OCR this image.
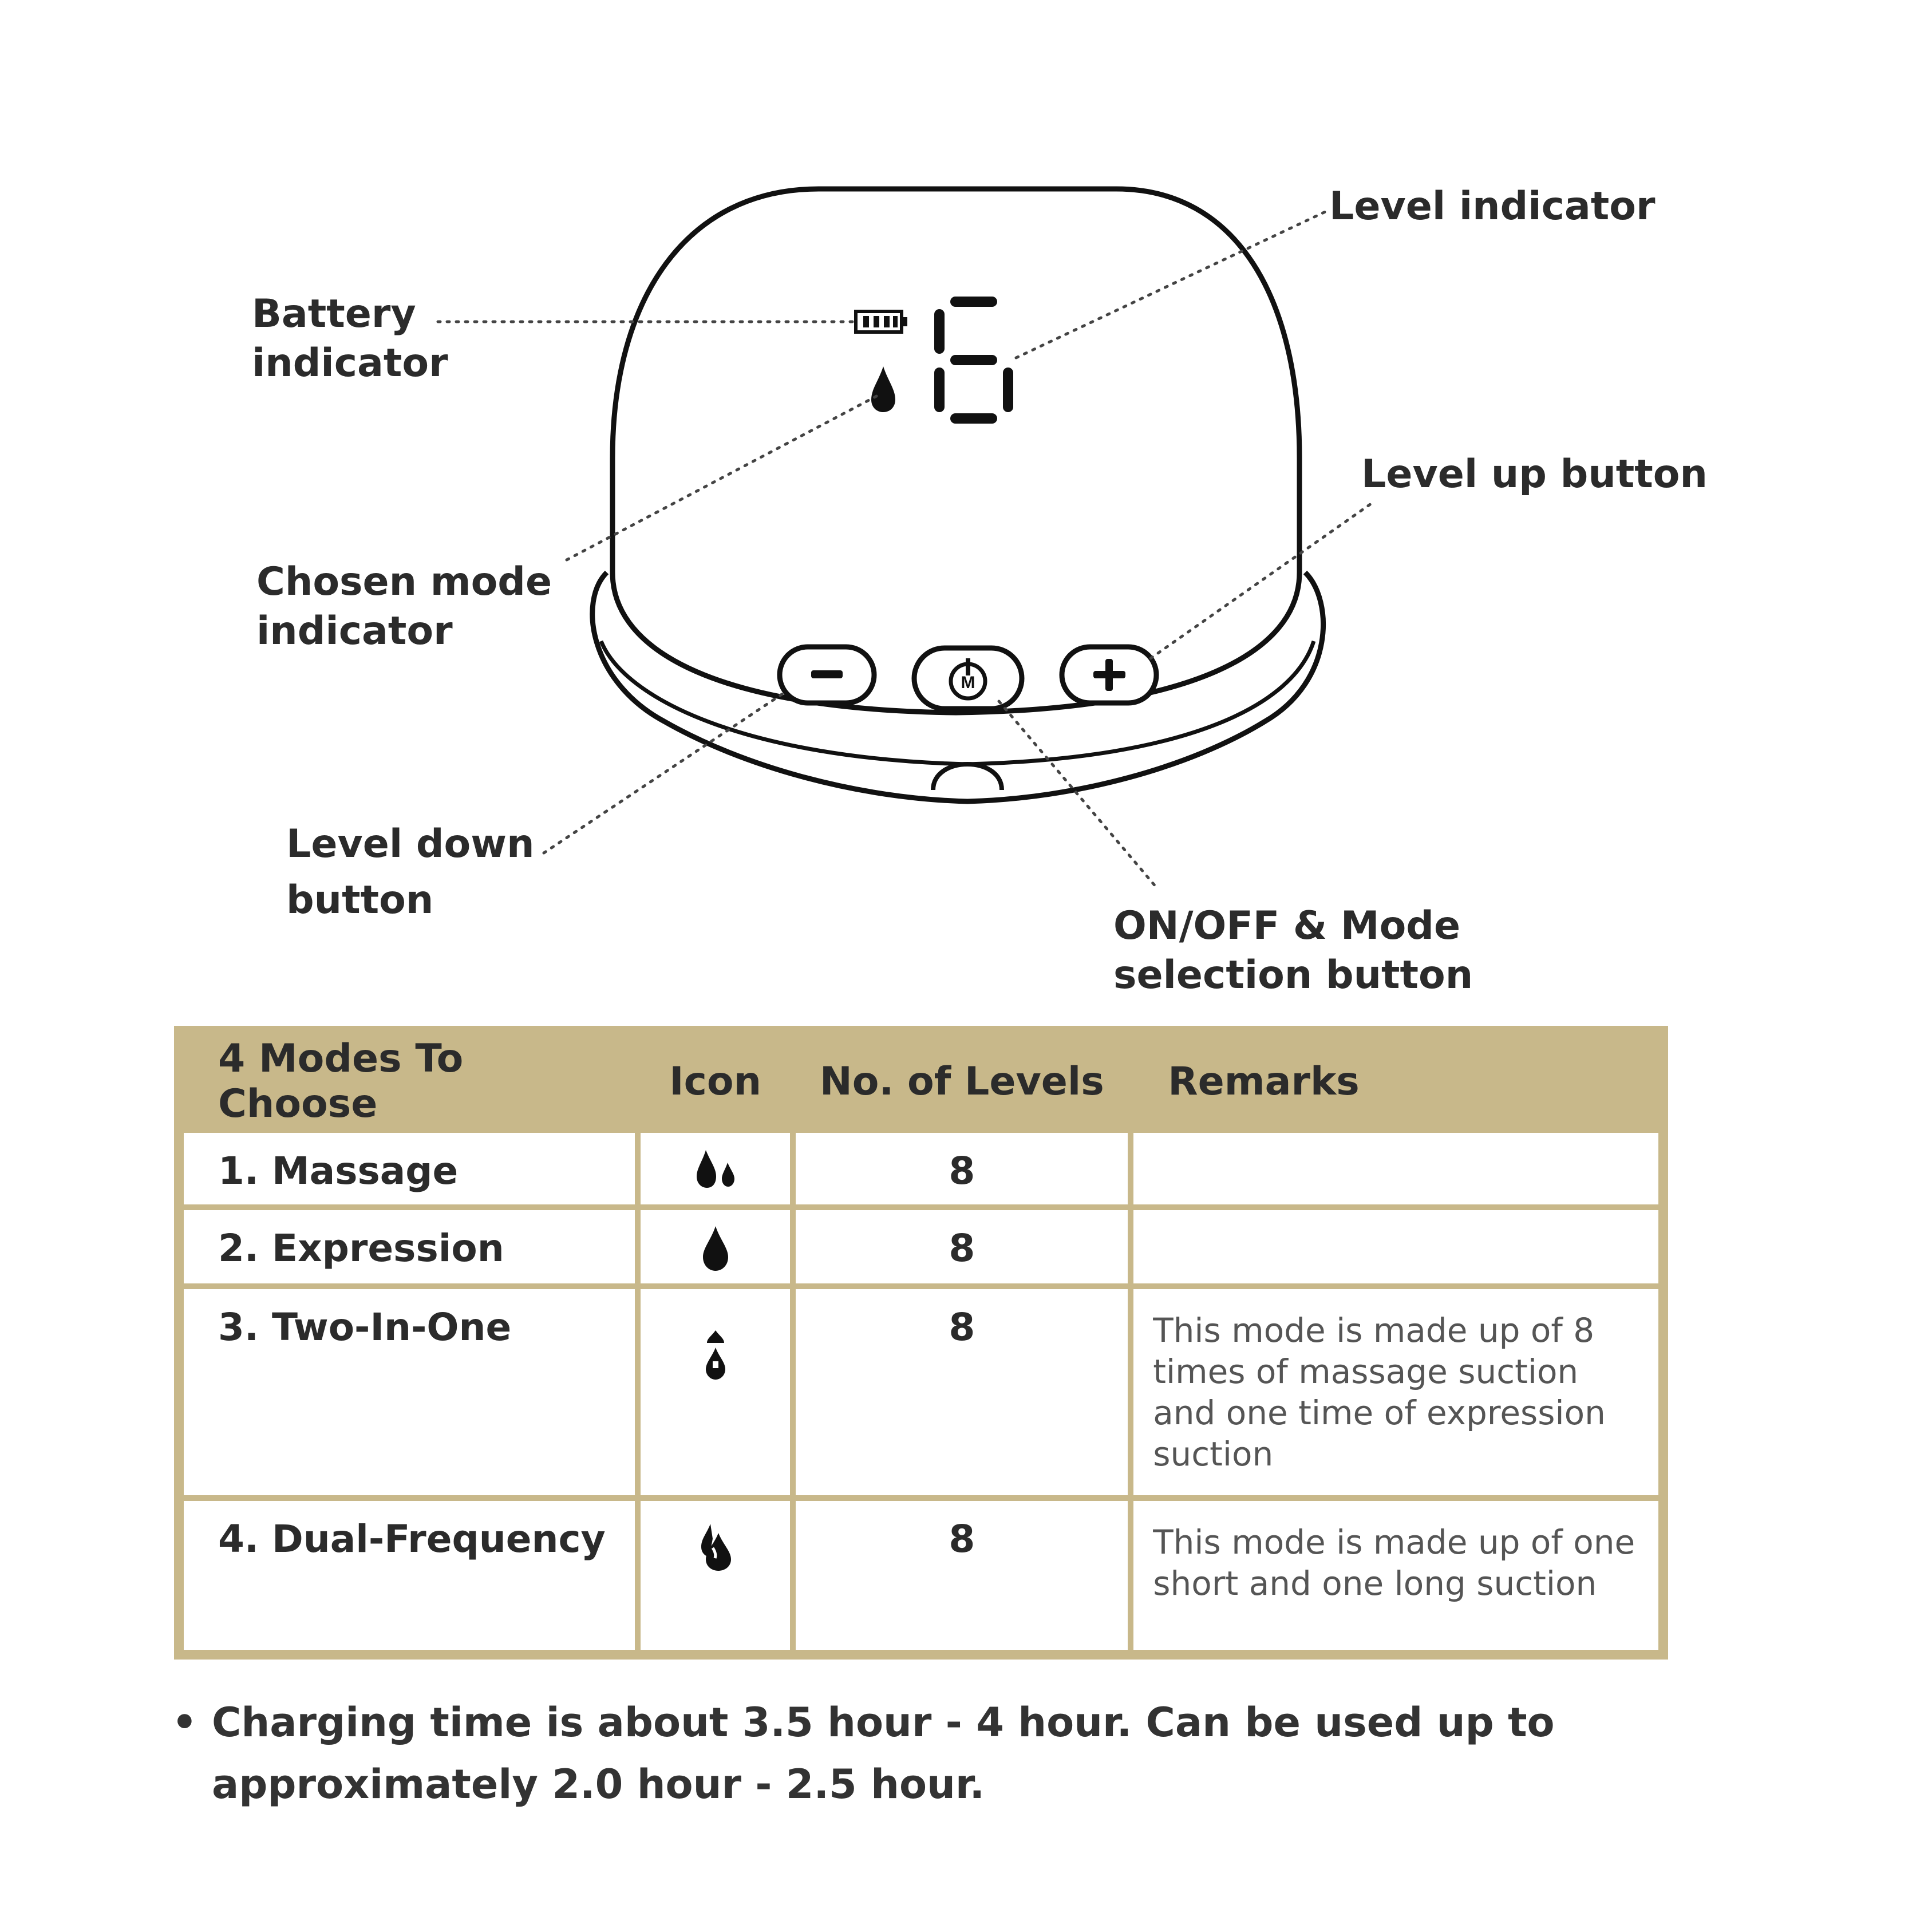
M

Battery
indicator

Level indicator

Chosen mode
indicator

Level up button

Level down
button

ON/OFF & Mode
selection button

4 Modes To Choose	Icon	No. of Levels	Remarks
1. Massage		8	
2. Expression		8	
3. Two-In-One		8	This mode is made up of 8 times of massage suction and one time of expression suction
4. Dual-Frequency		8	This mode is made up of one short and one long suction
• Charging time is about 3.5 hour - 4 hour. Can be used up to approximately 2.0 hour - 2.5 hour.
